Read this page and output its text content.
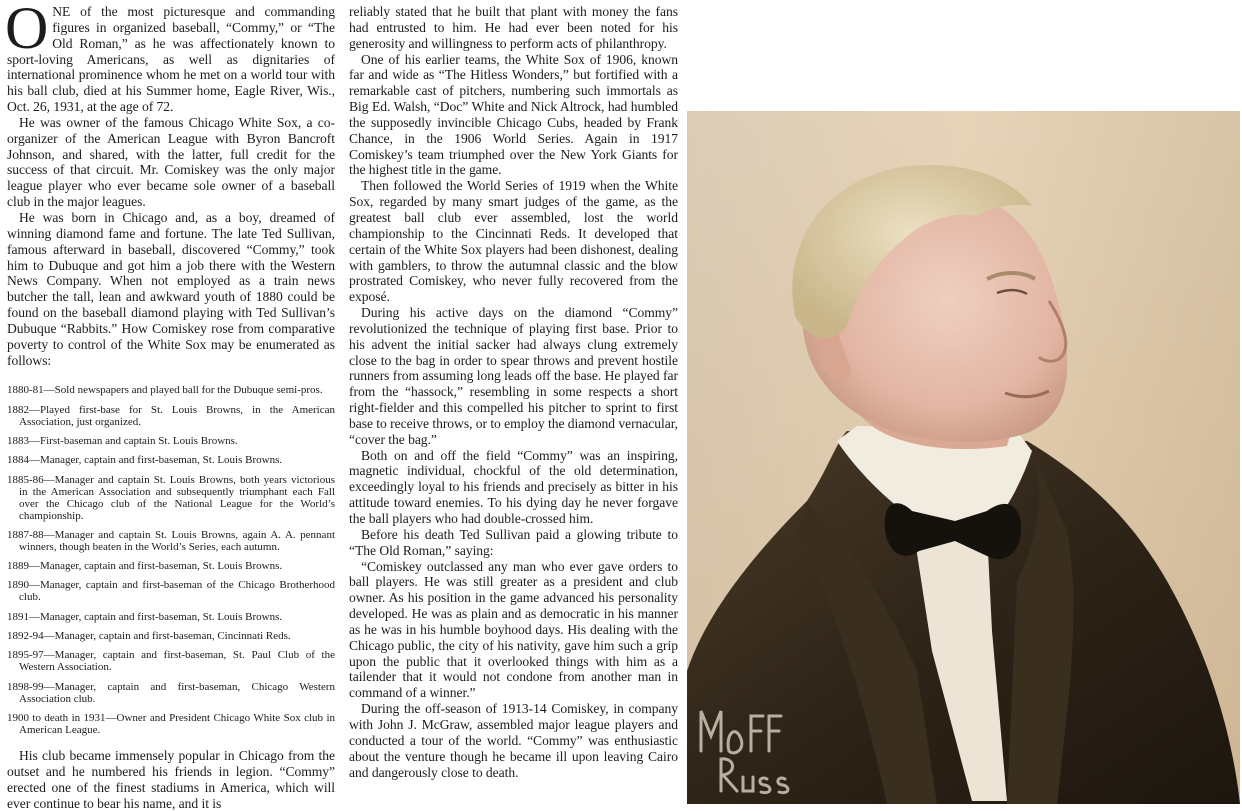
ONE of the most picturesque and commanding figures in organized baseball, “Commy,” or “The Old Roman,” as he was affectionately known to sport-loving Americans, as well as dignitaries of international prominence whom he met on a world tour with his ball club, died at his Summer home, Eagle River, Wis., Oct. 26, 1931, at the age of 72.

He was owner of the famous Chicago White Sox, a co-organizer of the American League with Byron Bancroft Johnson, and shared, with the latter, full credit for the success of that circuit. Mr. Comiskey was the only major league player who ever became sole owner of a baseball club in the major leagues.

He was born in Chicago and, as a boy, dreamed of winning diamond fame and fortune. The late Ted Sullivan, famous afterward in baseball, discovered “Commy,” took him to Dubuque and got him a job there with the Western News Company. When not employed as a train news butcher the tall, lean and awkward youth of 1880 could be found on the baseball diamond playing with Ted Sullivan’s Dubuque “Rabbits.” How Comiskey rose from comparative poverty to control of the White Sox may be enumerated as follows:

1880-81—Sold newspapers and played ball for the Dubuque semi-pros.
1882—Played first-base for St. Louis Browns, in the American Association, just organized.
1883—First-baseman and captain St. Louis Browns.
1884—Manager, captain and first-baseman, St. Louis Browns.
1885-86—Manager and captain St. Louis Browns, both years victorious in the American Association and subsequently triumphant each Fall over the Chicago club of the National League for the World’s championship.
1887-88—Manager and captain St. Louis Browns, again A. A. pennant winners, though beaten in the World’s Series, each autumn.
1889—Manager, captain and first-baseman, St. Louis Browns.
1890—Manager, captain and first-baseman of the Chicago Brotherhood club.
1891—Manager, captain and first-baseman, St. Louis Browns.
1892-94—Manager, captain and first-baseman, Cincinnati Reds.
1895-97—Manager, captain and first-baseman, St. Paul Club of the Western Association.
1898-99—Manager, captain and first-baseman, Chicago Western Association club.
1900 to death in 1931—Owner and President Chicago White Sox club in American League.

His club became immensely popular in Chicago from the outset and he numbered his friends in legion. “Commy” erected one of the finest stadiums in America, which will ever continue to bear his name, and it is

reliably stated that he built that plant with money the fans had entrusted to him. He had ever been noted for his generosity and willingness to perform acts of philanthropy.

One of his earlier teams, the White Sox of 1906, known far and wide as “The Hitless Wonders,” but fortified with a remarkable cast of pitchers, numbering such immortals as Big Ed. Walsh, “Doc” White and Nick Altrock, had humbled the supposedly invincible Chicago Cubs, headed by Frank Chance, in the 1906 World Series. Again in 1917 Comiskey’s team triumphed over the New York Giants for the highest title in the game.

Then followed the World Series of 1919 when the White Sox, regarded by many smart judges of the game, as the greatest ball club ever assembled, lost the world championship to the Cincinnati Reds. It developed that certain of the White Sox players had been dishonest, dealing with gamblers, to throw the autumnal classic and the blow prostrated Comiskey, who never fully recovered from the exposé.

During his active days on the diamond “Commy” revolutionized the technique of playing first base. Prior to his advent the initial sacker had always clung extremely close to the bag in order to spear throws and prevent hostile runners from assuming long leads off the base. He played far from the “hassock,” resembling in some respects a short right-fielder and this compelled his pitcher to sprint to first base to receive throws, or to employ the diamond vernacular, “cover the bag.”

Both on and off the field “Commy” was an inspiring, magnetic individual, chockful of the old determination, exceedingly loyal to his friends and precisely as bitter in his attitude toward enemies. To his dying day he never forgave the ball players who had double-crossed him.

Before his death Ted Sullivan paid a glowing tribute to “The Old Roman,” saying:

“Comiskey outclassed any man who ever gave orders to ball players. He was still greater as a president and club owner. As his position in the game advanced his personality developed. He was as plain and as democratic in his manner as he was in his humble boyhood days. His dealing with the Chicago public, the city of his nativity, gave him such a grip upon the public that it overlooked things with him as a tailender that it would not condone from another man in command of a winner.”

During the off-season of 1913-14 Comiskey, in company with John J. McGraw, assembled major league players and conducted a tour of the world. “Commy” was enthusiastic about the venture though he became ill upon leaving Cairo and dangerously close to death.
